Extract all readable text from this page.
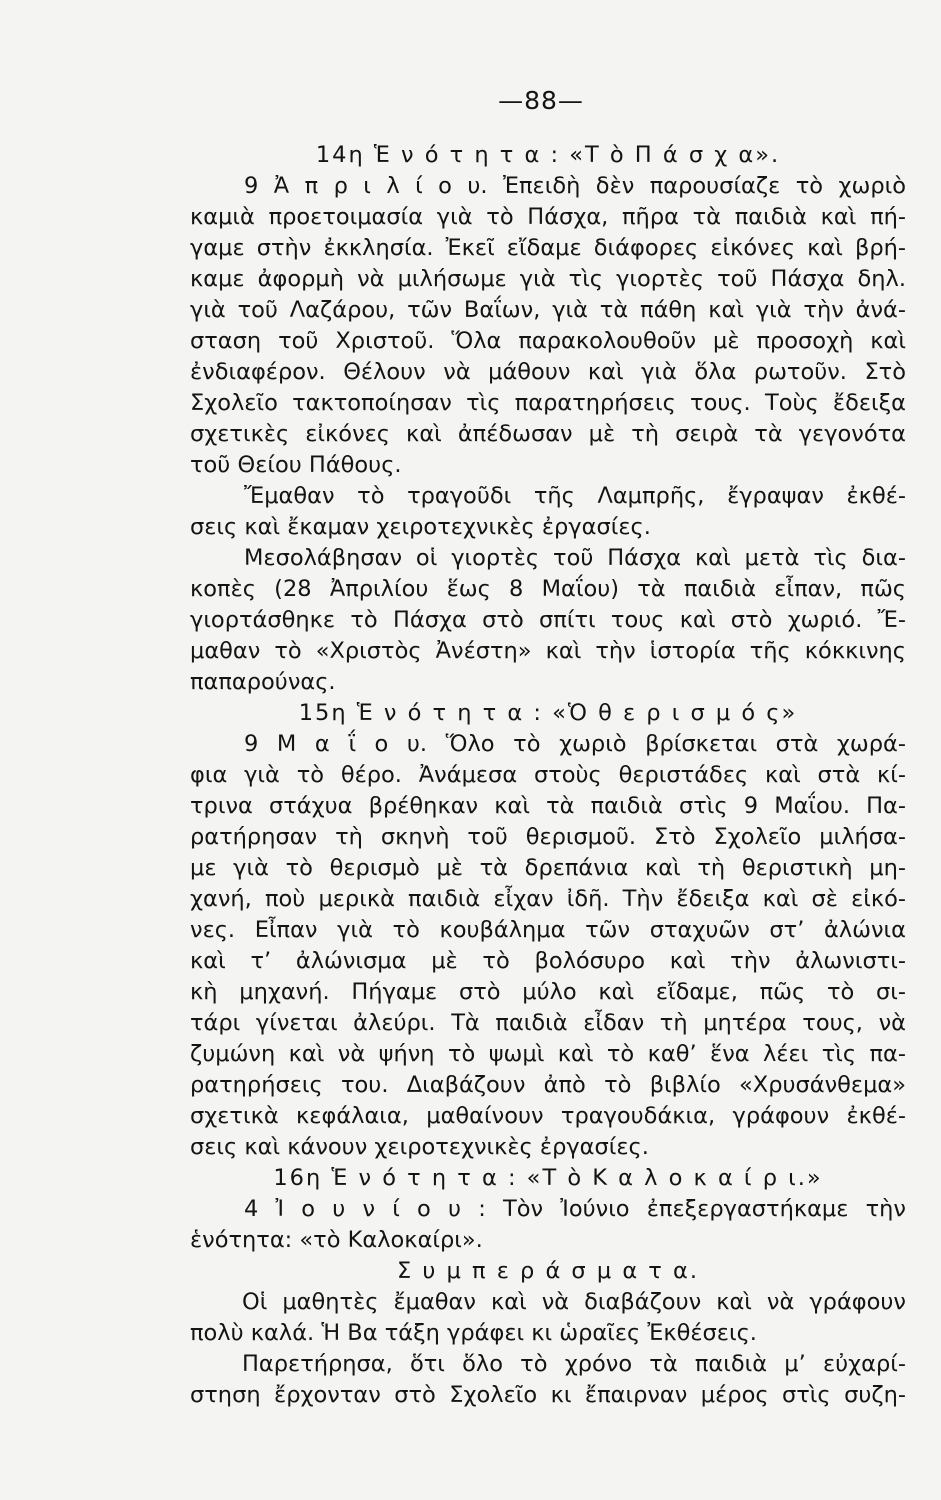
—88—

14η Ἑ ν ό τ η τ α : «Τ ὸ Π ά σ χ α».

9 Ἀ π ρ ι λ ί ο υ. Ἐπειδὴ δὲν παρουσίαζε τὸ χωριὸ

καμιὰ προετοιμασία γιὰ τὸ Πάσχα, πῆρα τὰ παιδιὰ καὶ πή-

γαμε στὴν ἐκκλησία. Ἐκεῖ εἴδαμε διάφορες εἰκόνες καὶ βρή-

καμε ἀφορμὴ νὰ μιλήσωμε γιὰ τὶς γιορτὲς τοῦ Πάσχα δηλ.

γιὰ τοῦ Λαζάρου, τῶν Βαΐων, γιὰ τὰ πάθη καὶ γιὰ τὴν ἀνά-

σταση τοῦ Χριστοῦ. Ὅλα παρακολουθοῦν μὲ προσοχὴ καὶ

ἐνδιαφέρον. Θέλουν νὰ μάθουν καὶ γιὰ ὅλα ρωτοῦν. Στὸ

Σχολεῖο τακτοποίησαν τὶς παρατηρήσεις τους. Τοὺς ἔδειξα

σχετικὲς εἰκόνες καὶ ἀπέδωσαν μὲ τὴ σειρὰ τὰ γεγονότα

τοῦ Θείου Πάθους.

Ἔμαθαν τὸ τραγοῦδι τῆς Λαμπρῆς, ἔγραψαν ἐκθέ-

σεις καὶ ἔκαμαν χειροτεχνικὲς ἐργασίες.

Μεσολάβησαν οἱ γιορτὲς τοῦ Πάσχα καὶ μετὰ τὶς δια-

κοπὲς (28 Ἀπριλίου ἕως 8 Μαΐου) τὰ παιδιὰ εἶπαν, πῶς

γιορτάσθηκε τὸ Πάσχα στὸ σπίτι τους καὶ στὸ χωριό. Ἔ-

μαθαν τὸ «Χριστὸς Ἀνέστη» καὶ τὴν ἱστορία τῆς κόκκινης

παπαρούνας.

15η Ἑ ν ό τ η τ α : «Ὁ θ ε ρ ι σ μ ό ς»

9 Μ α ΐ ο υ. Ὅλο τὸ χωριὸ βρίσκεται στὰ χωρά-

φια γιὰ τὸ θέρο. Ἀνάμεσα στοὺς θεριστάδες καὶ στὰ κί-

τρινα στάχυα βρέθηκαν καὶ τὰ παιδιὰ στὶς 9 Μαΐου. Πα-

ρατήρησαν τὴ σκηνὴ τοῦ θερισμοῦ. Στὸ Σχολεῖο μιλήσα-

με γιὰ τὸ θερισμὸ μὲ τὰ δρεπάνια καὶ τὴ θεριστικὴ μη-

χανή, ποὺ μερικὰ παιδιὰ εἶχαν ἰδῆ. Τὴν ἔδειξα καὶ σὲ εἰκό-

νες. Εἶπαν γιὰ τὸ κουβάλημα τῶν σταχυῶν στ’ ἀλώνια

καὶ τ’ ἀλώνισμα μὲ τὸ βολόσυρο καὶ τὴν ἀλωνιστι-

κὴ μηχανή. Πήγαμε στὸ μύλο καὶ εἴδαμε, πῶς τὸ σι-

τάρι γίνεται ἀλεύρι. Τὰ παιδιὰ εἶδαν τὴ μητέρα τους, νὰ

ζυμώνη καὶ νὰ ψήνη τὸ ψωμὶ καὶ τὸ καθ’ ἕνα λέει τὶς πα-

ρατηρήσεις του. Διαβάζουν ἀπὸ τὸ βιβλίο «Χρυσάνθεμα»

σχετικὰ κεφάλαια, μαθαίνουν τραγουδάκια, γράφουν ἐκθέ-

σεις καὶ κάνουν χειροτεχνικὲς ἐργασίες.

16η Ἑ ν ό τ η τ α : «Τ ὸ Κ α λ ο κ α ί ρ ι.»

4 Ἰ ο υ ν ί ο υ : Τὸν Ἰούνιο ἐπεξεργαστήκαμε τὴν

ἑνότητα: «τὸ Καλοκαίρι».

Σ υ μ π ε ρ ά σ μ α τ α.

Οἱ μαθητὲς ἔμαθαν καὶ νὰ διαβάζουν καὶ νὰ γράφουν

πολὺ καλά. Ἡ Βα τάξη γράφει κι ὡραῖες Ἐκθέσεις.

Παρετήρησα, ὅτι ὅλο τὸ χρόνο τὰ παιδιὰ μ’ εὐχαρί-

στηση ἔρχονταν στὸ Σχολεῖο κι ἔπαιρναν μέρος στὶς συζη-
